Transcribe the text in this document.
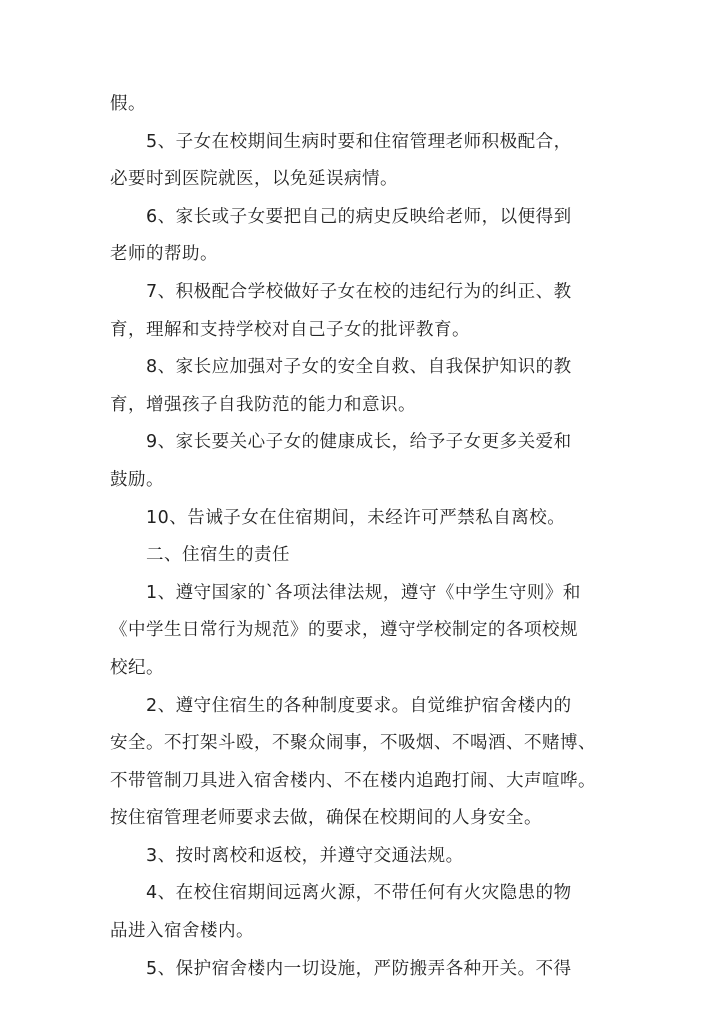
假。
5、子女在校期间生病时要和住宿管理老师积极配合，
必要时到医院就医，以免延误病情。
6、家长或子女要把自己的病史反映给老师，以便得到
老师的帮助。
7、积极配合学校做好子女在校的违纪行为的纠正、教
育，理解和支持学校对自己子女的批评教育。
8、家长应加强对子女的安全自救、自我保护知识的教
育，增强孩子自我防范的能力和意识。
9、家长要关心子女的健康成长，给予子女更多关爱和
鼓励。
10、告诫子女在住宿期间，未经许可严禁私自离校。
二、住宿生的责任
1、遵守国家的`各项法律法规，遵守《中学生守则》和
《中学生日常行为规范》的要求，遵守学校制定的各项校规
校纪。
2、遵守住宿生的各种制度要求。自觉维护宿舍楼内的
安全。不打架斗殴，不聚众闹事，不吸烟、不喝酒、不赌博、
不带管制刀具进入宿舍楼内、不在楼内追跑打闹、大声喧哗。
按住宿管理老师要求去做，确保在校期间的人身安全。
3、按时离校和返校，并遵守交通法规。
4、在校住宿期间远离火源，不带任何有火灾隐患的物
品进入宿舍楼内。
5、保护宿舍楼内一切设施，严防搬弄各种开关。不得
